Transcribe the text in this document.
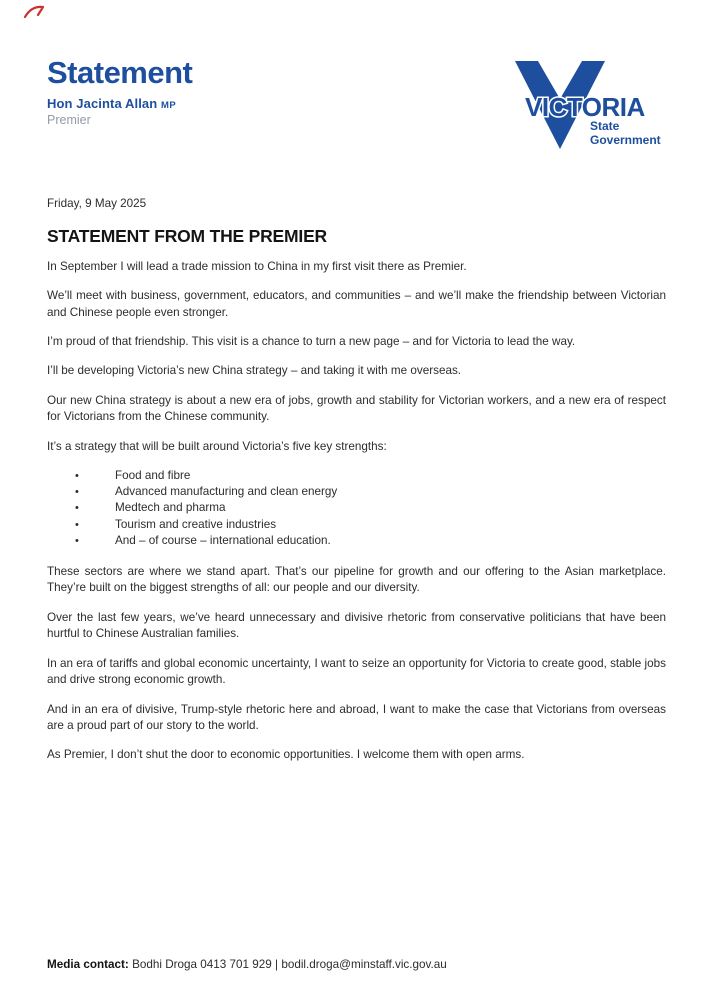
Statement
Hon Jacinta Allan MP
Premier	VICTORIA
State
Government

Friday, 9 May 2025

STATEMENT FROM THE PREMIER

In September I will lead a trade mission to China in my first visit there as Premier.

We’ll meet with business, government, educators, and communities – and we’ll make the friendship between Victorian and Chinese people even stronger.

I’m proud of that friendship. This visit is a chance to turn a new page – and for Victoria to lead the way.

I’ll be developing Victoria’s new China strategy – and taking it with me overseas.

Our new China strategy is about a new era of jobs, growth and stability for Victorian workers, and a new era of respect for Victorians from the Chinese community.

It’s a strategy that will be built around Victoria’s five key strengths:

•	Food and fibre
•	Advanced manufacturing and clean energy
•	Medtech and pharma
•	Tourism and creative industries
•	And – of course – international education.

These sectors are where we stand apart. That’s our pipeline for growth and our offering to the Asian marketplace. They’re built on the biggest strengths of all: our people and our diversity.

Over the last few years, we’ve heard unnecessary and divisive rhetoric from conservative politicians that have been hurtful to Chinese Australian families.

In an era of tariffs and global economic uncertainty, I want to seize an opportunity for Victoria to create good, stable jobs and drive strong economic growth.

And in an era of divisive, Trump-style rhetoric here and abroad, I want to make the case that Victorians from overseas are a proud part of our story to the world.

As Premier, I don’t shut the door to economic opportunities. I welcome them with open arms.

Media contact: Bodhi Droga 0413 701 929 | bodil.droga@minstaff.vic.gov.au
